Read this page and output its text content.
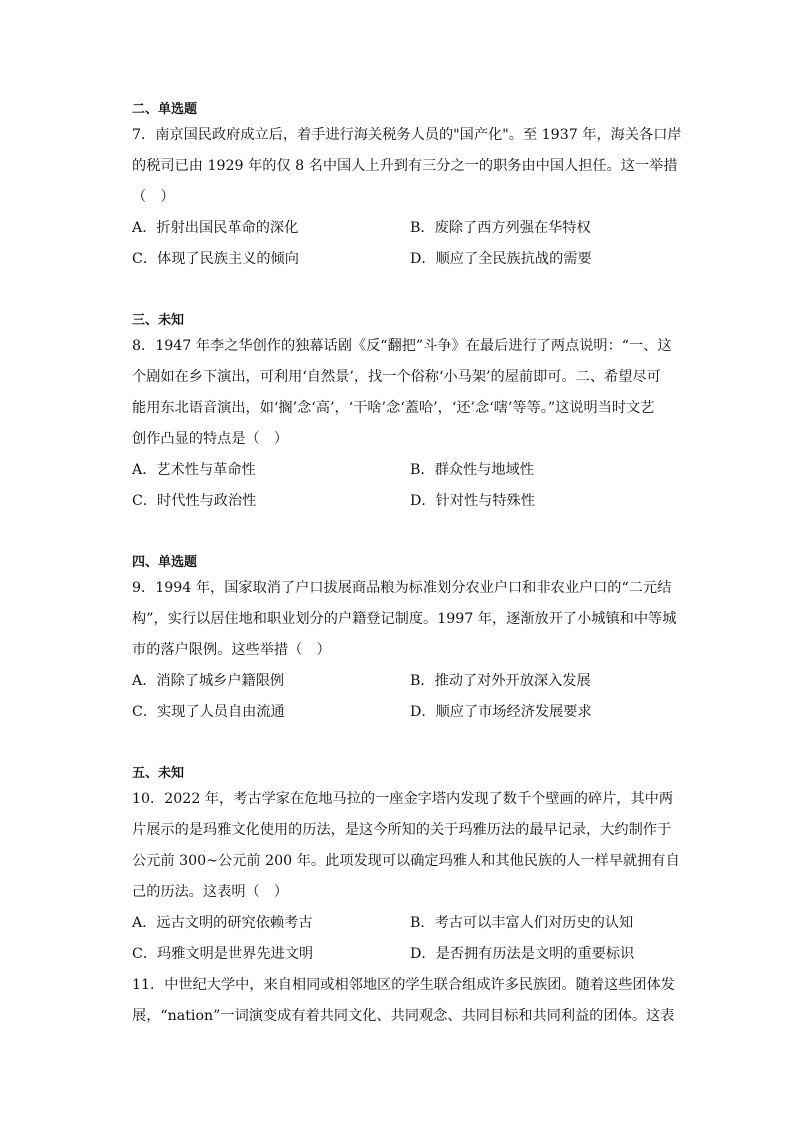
二、单选题
7．南京国民政府成立后，着手进行海关税务人员的"国产化"。至 1937 年，海关各口岸
的税司已由 1929 年的仅 8 名中国人上升到有三分之一的职务由中国人担任。这一举措
（　）
A．折射出国民革命的深化	B．废除了西方列强在华特权
C．体现了民族主义的倾向	D．顺应了全民族抗战的需要
三、未知
8．1947 年李之华创作的独幕话剧《反“翻把”斗争》在最后进行了两点说明：“一、这
个剧如在乡下演出，可利用‘自然景’，找一个俗称‘小马架’的屋前即可。二、希望尽可
能用东北语音演出，如‘搁’念‘高’，‘干啥’念‘蓋哈’，‘还’念‘嗐’等等。”这说明当时文艺
创作凸显的特点是（　）
A．艺术性与革命性	B．群众性与地域性
C．时代性与政治性	D．针对性与特殊性
四、单选题
9．1994 年，国家取消了户口拔展商品粮为标准划分农业户口和非农业户口的“二元结
构”，实行以居住地和职业划分的户籍登记制度。1997 年，逐渐放开了小城镇和中等城
市的落户限例。这些举措（　）
A．消除了城乡户籍限例	B．推动了对外开放深入发展
C．实现了人员自由流通	D．顺应了市场经济发展要求
五、未知
10．2022 年，考古学家在危地马拉的一座金字塔内发现了数千个壁画的碎片，其中两
片展示的是玛雅文化使用的历法，是这今所知的关于玛雅历法的最早记录，大约制作于
公元前 300~公元前 200 年。此项发现可以确定玛雅人和其他民族的人一样早就拥有自
己的历法。这表明（　）
A．远古文明的研究依赖考古	B．考古可以丰富人们对历史的认知
C．玛雅文明是世界先进文明	D．是否拥有历法是文明的重要标识
11．中世纪大学中，来自相同或相邻地区的学生联合组成许多民族团。随着这些团体发
展，“nation”一词演变成有着共同文化、共同观念、共同目标和共同利益的团体。这表
